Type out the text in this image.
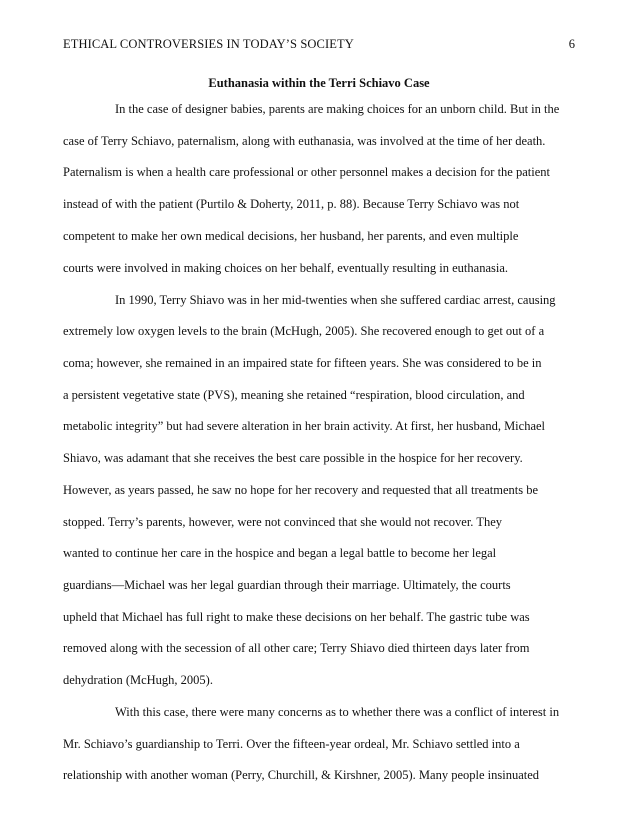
ETHICAL CONTROVERSIES IN TODAY’S SOCIETY	6
Euthanasia within the Terri Schiavo Case
In the case of designer babies, parents are making choices for an unborn child. But in the
case of Terry Schiavo, paternalism, along with euthanasia, was involved at the time of her death.
Paternalism is when a health care professional or other personnel makes a decision for the patient
instead of with the patient (Purtilo & Doherty, 2011, p. 88). Because Terry Schiavo was not
competent to make her own medical decisions, her husband, her parents, and even multiple
courts were involved in making choices on her behalf, eventually resulting in euthanasia.
In 1990, Terry Shiavo was in her mid-twenties when she suffered cardiac arrest, causing
extremely low oxygen levels to the brain (McHugh, 2005). She recovered enough to get out of a
coma; however, she remained in an impaired state for fifteen years. She was considered to be in
a persistent vegetative state (PVS), meaning she retained “respiration, blood circulation, and
metabolic integrity” but had severe alteration in her brain activity. At first, her husband, Michael
Shiavo, was adamant that she receives the best care possible in the hospice for her recovery.
However, as years passed, he saw no hope for her recovery and requested that all treatments be
stopped. Terry’s parents, however, were not convinced that she would not recover. They
wanted to continue her care in the hospice and began a legal battle to become her legal
guardians—Michael was her legal guardian through their marriage. Ultimately, the courts
upheld that Michael has full right to make these decisions on her behalf. The gastric tube was
removed along with the secession of all other care; Terry Shiavo died thirteen days later from
dehydration (McHugh, 2005).
With this case, there were many concerns as to whether there was a conflict of interest in
Mr. Schiavo’s guardianship to Terri. Over the fifteen-year ordeal, Mr. Schiavo settled into a
relationship with another woman (Perry, Churchill, & Kirshner, 2005). Many people insinuated
